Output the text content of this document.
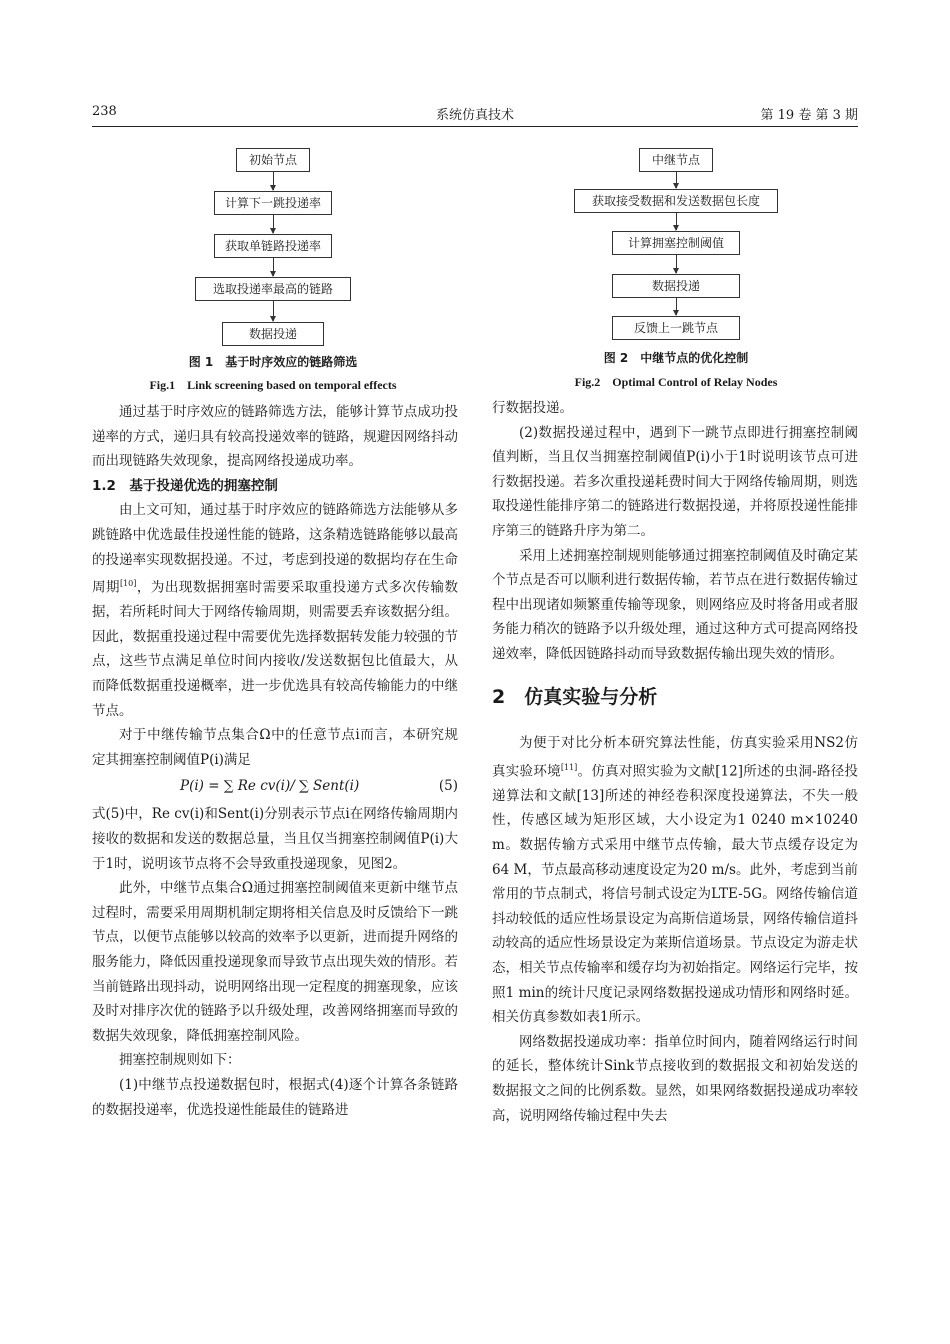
238	系统仿真技术	第 19 卷 第 3 期
初始节点
计算下一跳投递率
获取单链路投递率
选取投递率最高的链路
数据投递
图 1　基于时序效应的链路筛选
Fig.1　Link screening based on temporal effects
中继节点
获取接受数据和发送数据包长度
计算拥塞控制阈值
数据投递
反馈上一跳节点
图 2　中继节点的优化控制
Fig.2　Optimal Control of Relay Nodes

通过基于时序效应的链路筛选方法，能够计算节点成功投递率的方式，递归具有较高投递效率的链路，规避因网络抖动而出现链路失效现象，提高网络投递成功率。

1.2　基于投递优选的拥塞控制

由上文可知，通过基于时序效应的链路筛选方法能够从多跳链路中优选最佳投递性能的链路，这条精选链路能够以最高的投递率实现数据投递。不过，考虑到投递的数据均存在生命周期[10]，为出现数据拥塞时需要采取重投递方式多次传输数据，若所耗时间大于网络传输周期，则需要丢弃该数据分组。因此，数据重投递过程中需要优先选择数据转发能力较强的节点，这些节点满足单位时间内接收/发送数据包比值最大，从而降低数据重投递概率，进一步优选具有较高传输能力的中继节点。

对于中继传输节点集合Ω中的任意节点i而言，本研究规定其拥塞控制阈值P(i)满足

P(i) = ∑ Re cv(i)/ ∑ Sent(i)	(5)

式(5)中，Re cv(i)和Sent(i)分别表示节点i在网络传输周期内接收的数据和发送的数据总量，当且仅当拥塞控制阈值P(i)大于1时，说明该节点将不会导致重投递现象，见图2。

此外，中继节点集合Ω通过拥塞控制阈值来更新中继节点过程时，需要采用周期机制定期将相关信息及时反馈给下一跳节点，以便节点能够以较高的效率予以更新，进而提升网络的服务能力，降低因重投递现象而导致节点出现失效的情形。若当前链路出现抖动，说明网络出现一定程度的拥塞现象，应该及时对排序次优的链路予以升级处理，改善网络拥塞而导致的数据失效现象，降低拥塞控制风险。

拥塞控制规则如下：

(1)中继节点投递数据包时，根据式(4)逐个计算各条链路的数据投递率，优选投递性能最佳的链路进

行数据投递。

(2)数据投递过程中，遇到下一跳节点即进行拥塞控制阈值判断，当且仅当拥塞控制阈值P(i)小于1时说明该节点可进行数据投递。若多次重投递耗费时间大于网络传输周期，则选取投递性能排序第二的链路进行数据投递，并将原投递性能排序第三的链路升序为第二。

采用上述拥塞控制规则能够通过拥塞控制阈值及时确定某个节点是否可以顺利进行数据传输，若节点在进行数据传输过程中出现诸如频繁重传输等现象，则网络应及时将备用或者服务能力稍次的链路予以升级处理，通过这种方式可提高网络投递效率，降低因链路抖动而导致数据传输出现失效的情形。

2　仿真实验与分析

为便于对比分析本研究算法性能，仿真实验采用NS2仿真实验环境[11]。仿真对照实验为文献[12]所述的虫洞-路径投递算法和文献[13]所述的神经卷积深度投递算法，不失一般性，传感区域为矩形区域，大小设定为1 0240 m×10240 m。数据传输方式采用中继节点传输，最大节点缓存设定为64 M，节点最高移动速度设定为20 m/s。此外，考虑到当前常用的节点制式，将信号制式设定为LTE-5G。网络传输信道抖动较低的适应性场景设定为高斯信道场景，网络传输信道抖动较高的适应性场景设定为莱斯信道场景。节点设定为游走状态，相关节点传输率和缓存均为初始指定。网络运行完毕，按照1 min的统计尺度记录网络数据投递成功情形和网络时延。相关仿真参数如表1所示。

网络数据投递成功率：指单位时间内，随着网络运行时间的延长，整体统计Sink节点接收到的数据报文和初始发送的数据报文之间的比例系数。显然，如果网络数据投递成功率较高，说明网络传输过程中失去
